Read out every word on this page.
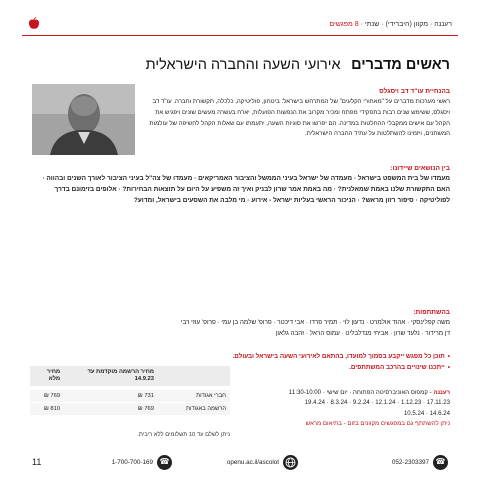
רעננה · מקוון (היברידי) · שנתי · 8 מפגשים
ראשים מדברים אירועי השעה והחברה הישראלית
בהנחיית עו"ד דב ויסגלס
ראשי מערכות מדברים על "מאחורי הקלעים" של המתרחש בישראל: ביטחון, פוליטיקה, כלכלה, תקשורת וחברה. עו"ד דב ויסגלס, ששימש שנים רבות בתפקידי מפתח ומכיר מקרוב את הנפשות הפועלות, יארח בעשרה מעשים שונים ויפגיש את הקהל עם אישים ממקבלי ההחלטות במדינה. הם יפרשו את סוגיות השעה, יתעמתו עם שאלות הקהל לחשיפה של עולמות המשתנים, ויזמינו להשתלטות על עתיד החברה הישראלית.
בין הנושאים שיידונו:
מעמדו של בית המשפט בישראל · מעמדה של ישראל בעיני הממשל והציבור האמריקאים · מעמדו של צה"ל בעיני הציבור לאורך השנים ובהווה · האם התקשורת שלנו באמת שמאלנית? · מה באמת אמר שרון לבניק ואיך זה משפיע על היום על תוצאות הבחירות? · אלופים בזימונם בדרך לפוליטיקה · סיפור רזון מראש? · הניכור הראשי בעליות ישראל - אירוע · מי מלבה את השסעים בישראל, ומדוע?
בהשתתפות:
משה קפלינסקי · אהוד אולמרט · נדעון לוי · תמיר פרדו · אבי דיכטר · פרופ' שלמה בן עמי · פרופ' עוזי רבי
דן מרידור · נלעד שרון · אביחי מנדלבליט · עמוס הראל · זהבה גלאון
•תוכן כל מפגש ייקבע בסמוך למועדו, בהתאם לאירועי השעה בישראל ובעולם.
•ייתכנו שינויים בהרכב המשתתפים.
רעננה - קמפוס האוניברסיטה הפתוחה · יום שישי · 11:30-10:00
17.11.23 · 1.12.23 · 12.1.24 · 9.2.24 · 8.3.24 · 19.4.24
14.6.24 · 10.5.24
ניתן להשתתף גם במפגשים מקוונים בזום - בתיאום מראש
	מחיר הרשמה מוקדמת עד 14.9.23	מחיר מלא

חברי אגודות	731 ₪	769 ₪
הרשמה באגודות	769 ₪	810 ₪
ניתן לשלם עד 10 תשלומים ללא ריבית.
☎
052-2303397
openu.ac.il/ascolot
☎
1-700-700-169
11
